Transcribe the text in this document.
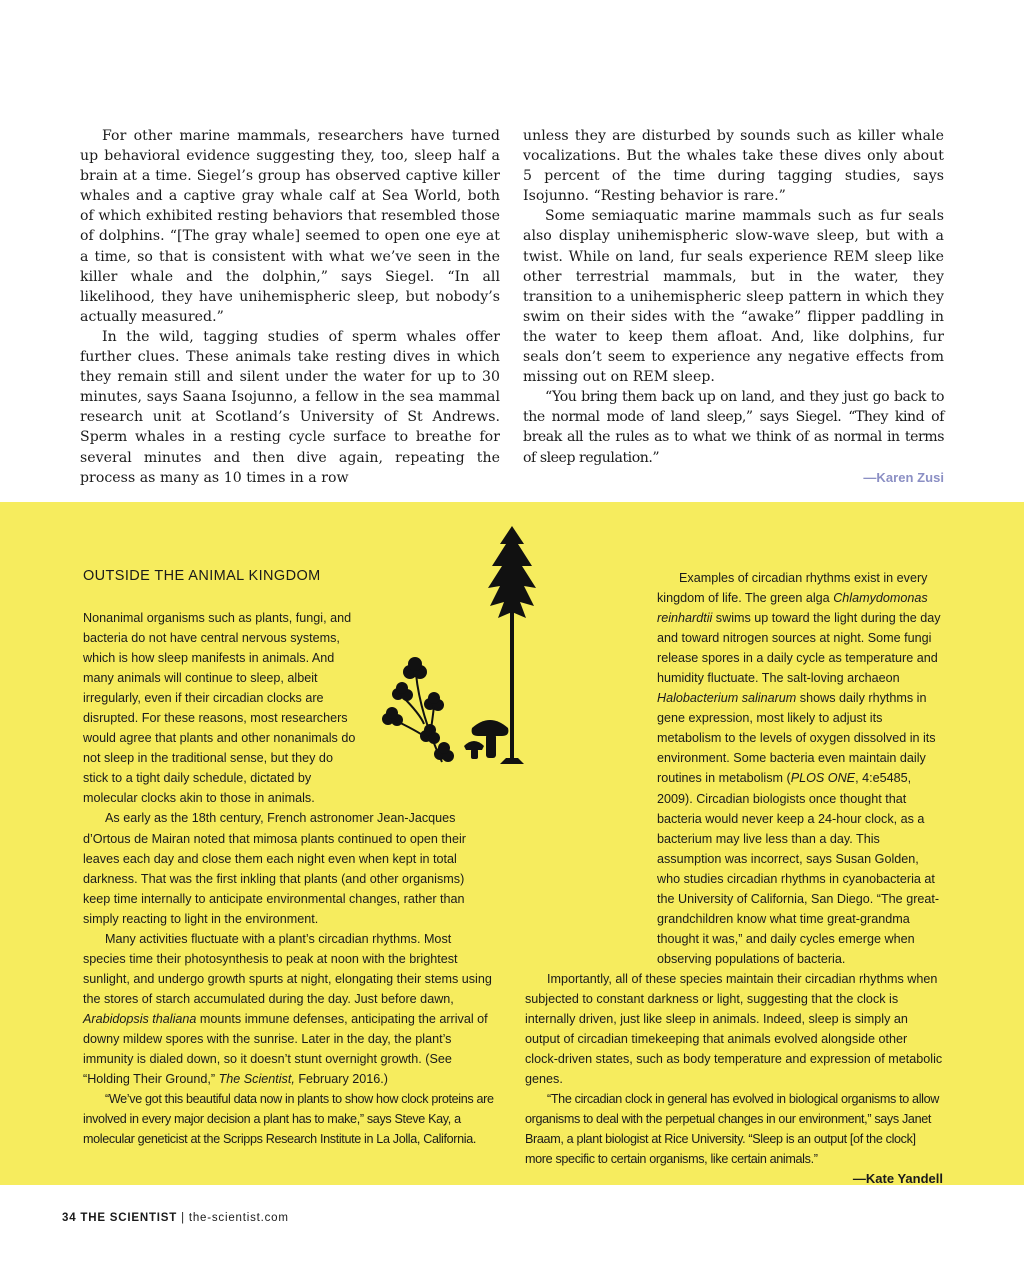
For other marine mammals, researchers have turned up behavioral evidence suggesting they, too, sleep half a brain at a time. Siegel’s group has observed captive killer whales and a captive gray whale calf at Sea World, both of which exhibited resting behaviors that resembled those of dolphins. “[The gray whale] seemed to open one eye at a time, so that is consistent with what we’ve seen in the killer whale and the dolphin,” says Siegel. “In all likelihood, they have unihemispheric sleep, but nobody’s actually measured.”

In the wild, tagging studies of sperm whales offer further clues. These animals take resting dives in which they remain still and silent under the water for up to 30 minutes, says Saana Isojunno, a fellow in the sea mammal research unit at Scotland’s University of St Andrews. Sperm whales in a resting cycle surface to breathe for several minutes and then dive again, repeating the process as many as 10 times in a row

unless they are disturbed by sounds such as killer whale vocalizations. But the whales take these dives only about 5 percent of the time during tagging studies, says Isojunno. “Resting behavior is rare.”

Some semiaquatic marine mammals such as fur seals also display unihemispheric slow-wave sleep, but with a twist. While on land, fur seals experience REM sleep like other terrestrial mammals, but in the water, they transition to a unihemispheric sleep pattern in which they swim on their sides with the “awake” flipper paddling in the water to keep them afloat. And, like dolphins, fur seals don’t seem to experience any negative effects from missing out on REM sleep.

“You bring them back up on land, and they just go back to the normal mode of land sleep,” says Siegel. “They kind of break all the rules as to what we think of as normal in terms of sleep regulation.”

—Karen Zusi
OUTSIDE THE ANIMAL KINGDOM

Nonanimal organisms such as plants, fungi, and bacteria do not have central nervous systems, which is how sleep manifests in animals. And many animals will continue to sleep, albeit irregularly, even if their circadian clocks are disrupted. For these reasons, most researchers would agree that plants and other nonanimals do not sleep in the traditional sense, but they do stick to a tight daily schedule, dictated by molecular clocks akin to those in animals.

As early as the 18th century, French astronomer Jean-Jacques d’Ortous de Mairan noted that mimosa plants continued to open their leaves each day and close them each night even when kept in total darkness. That was the first inkling that plants (and other organisms) keep time internally to anticipate environmental changes, rather than simply reacting to light in the environment.

Many activities fluctuate with a plant’s circadian rhythms. Most species time their photosynthesis to peak at noon with the brightest sunlight, and undergo growth spurts at night, elongating their stems using the stores of starch accumulated during the day. Just before dawn, Arabidopsis thaliana mounts immune defenses, anticipating the arrival of downy mildew spores with the sunrise. Later in the day, the plant’s immunity is dialed down, so it doesn’t stunt overnight growth. (See “Holding Their Ground,” The Scientist, February 2016.)

“We’ve got this beautiful data now in plants to show how clock proteins are involved in every major decision a plant has to make,” says Steve Kay, a molecular geneticist at the Scripps Research Institute in La Jolla, California.

Examples of circadian rhythms exist in every kingdom of life. The green alga Chlamydomonas reinhardtii swims up toward the light during the day and toward nitrogen sources at night. Some fungi release spores in a daily cycle as temperature and humidity fluctuate. The salt-loving archaeon Halobacterium salinarum shows daily rhythms in gene expression, most likely to adjust its metabolism to the levels of oxygen dissolved in its environment. Some bacteria even maintain daily routines in metabolism (PLOS ONE, 4:e5485, 2009). Circadian biologists once thought that bacteria would never keep a 24-hour clock, as a bacterium may live less than a day. This assumption was incorrect, says Susan Golden, who studies circadian rhythms in cyanobacteria at the University of California, San Diego. “The great-grandchildren know what time great-grandma thought it was,” and daily cycles emerge when observing populations of bacteria.

Importantly, all of these species maintain their circadian rhythms when subjected to constant darkness or light, suggesting that the clock is internally driven, just like sleep in animals. Indeed, sleep is simply an output of circadian timekeeping that animals evolved alongside other clock-driven states, such as body temperature and expression of metabolic genes.

“The circadian clock in general has evolved in biological organisms to allow organisms to deal with the perpetual changes in our environment,” says Janet Braam, a plant biologist at Rice University. “Sleep is an output [of the clock] more specific to certain organisms, like certain animals.”

—Kate Yandell
34 THE SCIENTIST | the-scientist.com
